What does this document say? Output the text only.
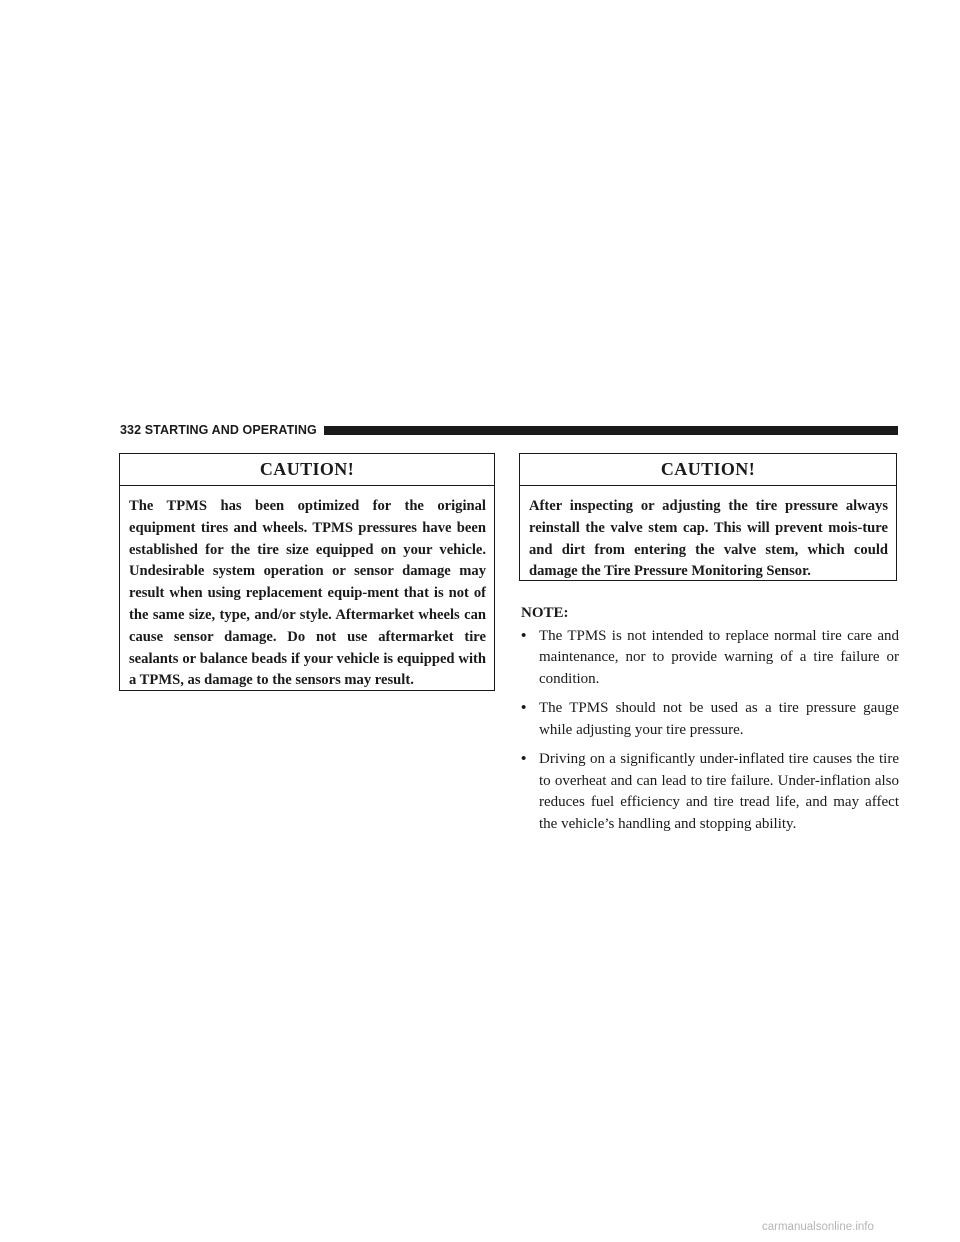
332 STARTING AND OPERATING
CAUTION!
The TPMS has been optimized for the original equipment tires and wheels. TPMS pressures have been established for the tire size equipped on your vehicle. Undesirable system operation or sensor damage may result when using replacement equip-ment that is not of the same size, type, and/or style. Aftermarket wheels can cause sensor damage. Do not use aftermarket tire sealants or balance beads if your vehicle is equipped with a TPMS, as damage to the sensors may result.
CAUTION!
After inspecting or adjusting the tire pressure always reinstall the valve stem cap. This will prevent mois-ture and dirt from entering the valve stem, which could damage the Tire Pressure Monitoring Sensor.
NOTE:
• The TPMS is not intended to replace normal tire care and maintenance, nor to provide warning of a tire failure or condition.
• The TPMS should not be used as a tire pressure gauge while adjusting your tire pressure.
• Driving on a significantly under-inflated tire causes the tire to overheat and can lead to tire failure. Under-inflation also reduces fuel efficiency and tire tread life, and may affect the vehicle’s handling and stopping ability.
carmanualsonline.info
